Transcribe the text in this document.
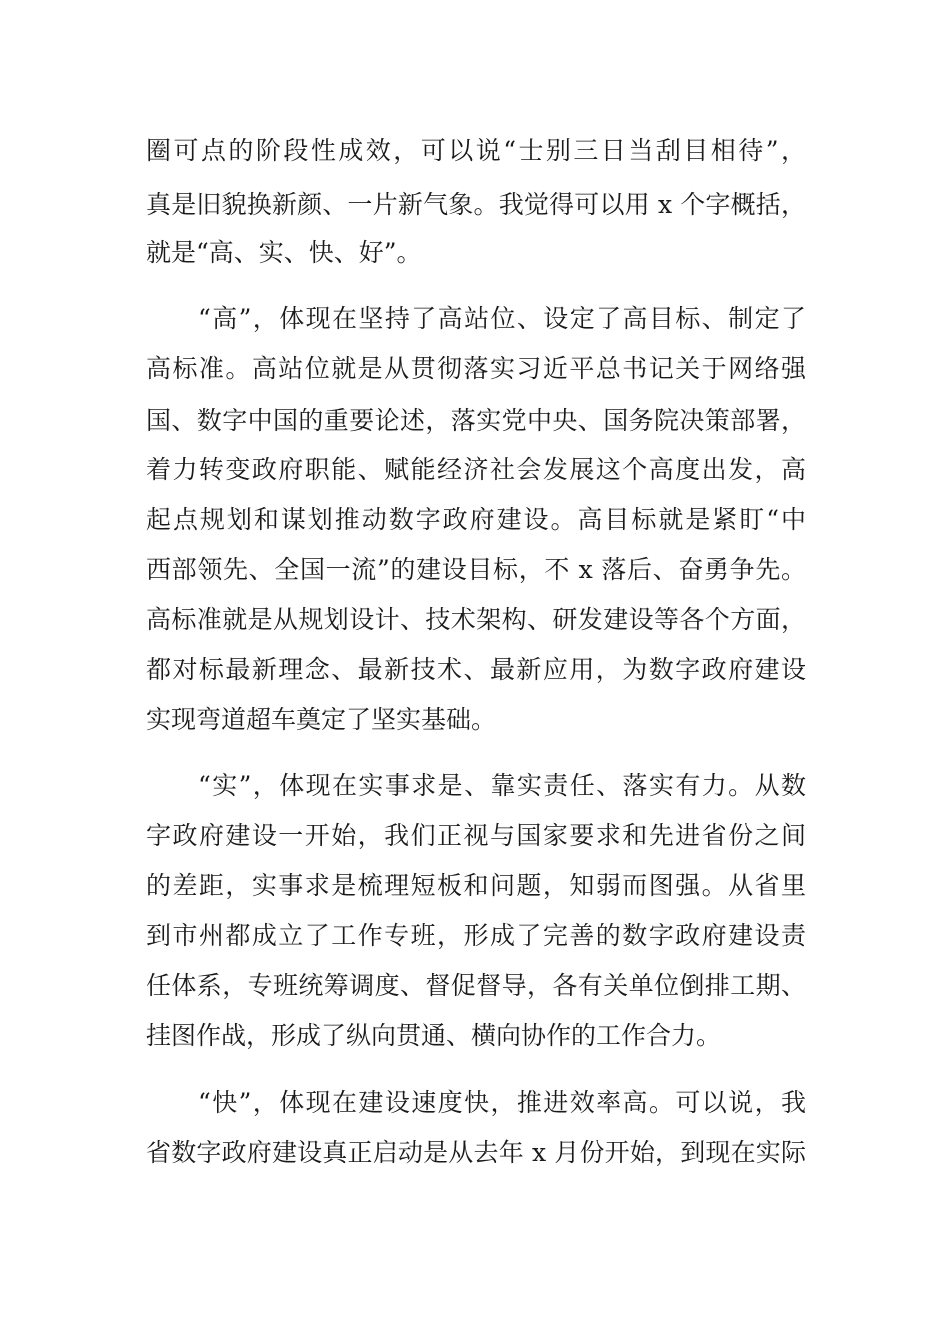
圈可点的阶段性成效，可以说“士别三日当刮目相待”，
真是旧貌换新颜、一片新气象。我觉得可以用 x 个字概括，
就是“高、实、快、好”。
“高”，体现在坚持了高站位、设定了高目标、制定了
高标准。高站位就是从贯彻落实习近平总书记关于网络强
国、数字中国的重要论述，落实党中央、国务院决策部署，
着力转变政府职能、赋能经济社会发展这个高度出发，高
起点规划和谋划推动数字政府建设。高目标就是紧盯“中
西部领先、全国一流”的建设目标，不 x 落后、奋勇争先。
高标准就是从规划设计、技术架构、研发建设等各个方面，
都对标最新理念、最新技术、最新应用，为数字政府建设
实现弯道超车奠定了坚实基础。
“实”，体现在实事求是、靠实责任、落实有力。从数
字政府建设一开始，我们正视与国家要求和先进省份之间
的差距，实事求是梳理短板和问题，知弱而图强。从省里
到市州都成立了工作专班，形成了完善的数字政府建设责
任体系，专班统筹调度、督促督导，各有关单位倒排工期、
挂图作战，形成了纵向贯通、横向协作的工作合力。
“快”，体现在建设速度快，推进效率高。可以说，我
省数字政府建设真正启动是从去年 x 月份开始，到现在实际
